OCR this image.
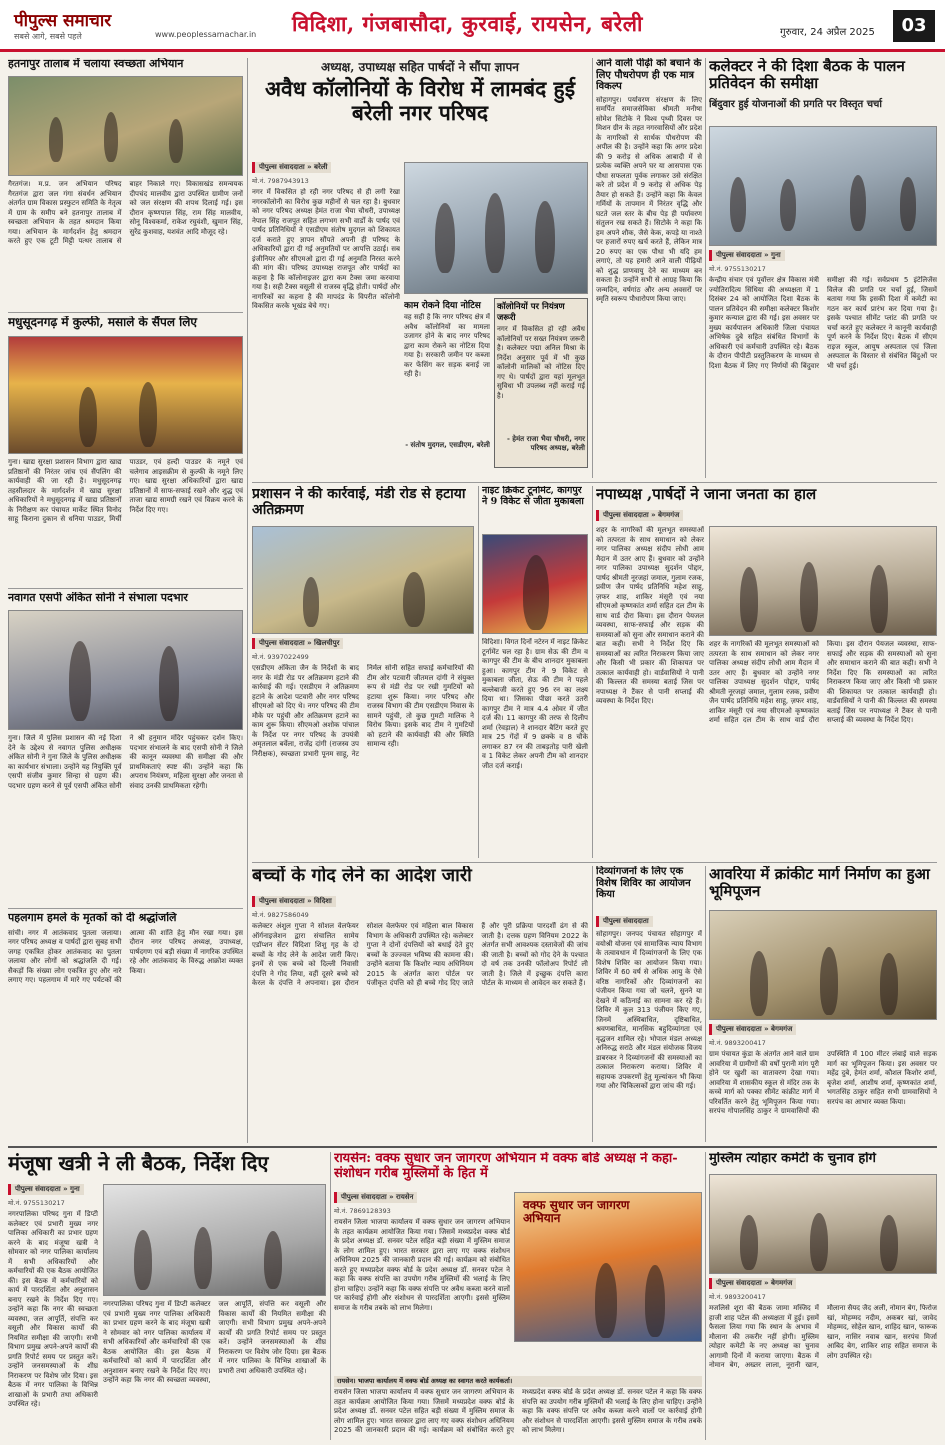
पीपुल्स समाचार
सबसे आगे, सबसे पहले	www.peoplessamachar.in विदिशा, गंजबासौदा, कुरवाई, रायसेन, बरेली	गुरुवार, 24 अप्रैल 2025	03
हतनापुर तालाब में चलाया स्वच्छता अभियान
गैरतगंज। म.प्र. जन अभियान परिषद गैरतगंज द्वारा जल गंगा संवर्धन अभियान अंतर्गत ग्राम विकास प्रस्फुटन समिति के नेतृत्व में ग्राम के समीप बने हतनापुर तालाब में स्वच्छता अभियान के तहत श्रमदान किया गया। अभियान के मार्गदर्शन हेतु श्रमदान करते हुए एक टूटी मिट्टी पत्थर तालाब से बाहर निकाले गए। विकासखंड समन्वयक दीपचंद मालवीय द्वारा उपस्थित ग्रामीण जनों को जल संरक्षण की शपथ दिलाई गई। इस दौरान कृष्णपाल सिंह, राम सिंह मालवीय, सोनू विश्वकर्मा, राकेश रघुवंशी, खुमान सिंह, सुरेंद्र कुशवाह, यशवंत आदि मौजूद रहे।
मधुसूदनगढ़ में कुल्फी, मसाले के सैंपल लिए
गुना। खाद्य सुरक्षा प्रशासन विभाग द्वारा खाद्य प्रतिष्ठानों की निरंतर जांच एवं सैंपलिंग की कार्यवाही की जा रही है। मधुसूदनगढ़ तहसीलदार के मार्गदर्शन में खाद्य सुरक्षा अधिकारियों ने मधुसूदनगढ़ में खाद्य प्रतिष्ठानों के निरीक्षण कर पंचायत मार्केट स्थित विनोद साहू किराना दुकान से धनिया पाउडर, मिर्ची पाउडर, एवं हल्दी पाउडर के नमूने एवं चलेगाव आइसक्रीम से कुल्फी के नमूने लिए गए। खाद्य सुरक्षा अधिकारियों द्वारा खाद्य प्रतिष्ठानों में साफ-सफाई रखने और शुद्ध एवं ताजा खाद्य सामग्री रखने एवं विक्रय करने के निर्देश दिए गए।
नवागत एसपी अंकित सोनी ने संभाला पदभार
गुना। जिले में पुलिस प्रशासन की नई दिशा देने के उद्देश्य से नवागत पुलिस अधीक्षक अंकित सोनी ने गुना जिले के पुलिस अधीक्षक का कार्यभार संभाला। उन्होंने यह नियुक्ति पूर्व एसपी संजीव कुमार सिन्हा से ग्रहण की। पदभार ग्रहण करने से पूर्व एसपी अंकित सोनी ने श्री हनुमान मंदिर पहुंचकर दर्शन किए। पदभार संभालने के बाद एसपी सोनी ने जिले की कानून व्यवस्था की समीक्षा की और प्राथमिकताएं स्पष्ट कीं। उन्होंने कहा कि अपराध नियंत्रण, महिला सुरक्षा और जनता से संवाद उनकी प्राथमिकता रहेगी।
पहलगाम हमले के मृतकों को दी श्रद्धांजलि
सांची। नगर में आतंकवाद पुतला जलाया। नगर परिषद अध्यक्ष व पार्षदों द्वारा सुबह सभी जगह एकत्रित होकर आतंकवाद का पुतला जलाया और लोगों को श्रद्धांजलि दी गई। सैकड़ों कि संख्या लोग एकत्रित हुए और नारे लगाए गए। पहलगाम में मारे गए पर्यटकों की आत्मा की शांति हेतु मौन रखा गया। इस दौरान नगर परिषद अध्यक्ष, उपाध्यक्ष, पार्षदगण एवं बड़ी संख्या में नागरिक उपस्थित रहे और आतंकवाद के विरुद्ध आक्रोश व्यक्त किया।
अध्यक्ष, उपाध्यक्ष सहित पार्षदों ने सौंपा ज्ञापन
अवैध कॉलोनियों के विरोध में लामबंद हुई बरेली नगर परिषद
पीपुल्स संवाददाता » बरेली
मो.नं. 7987943913
नगर में विकसित हो रही नगर परिषद से ही लगी रेखा नगरकॉलोनी का विरोध कुछ महीनों से चल रहा है। बुधवार को नगर परिषद अध्यक्ष हेमंत राजा भैया चौधरी, उपाध्यक्ष नेपाल सिंह राजपूत सहित लगभग सभी वार्डों के पार्षद एवं पार्षद प्रतिनिधियों ने एसडीएम संतोष मुदगल को शिकायत दर्ज कराते हुए ज्ञापन सौंपते अपनी ही परिषद के अधिकारियों द्वारा दी गई अनुमतियों पर आपत्ति उठाई। सब इंजीनियर और सीएमओ द्वारा दी गई अनुमति निरस्त करने की मांग की। परिषद उपाध्यक्ष राजपूत और पार्षदों का कहना है कि कॉलोनाइजर द्वारा कम टैक्स जमा करवाया गया है। सही टैक्स वसूली से राजस्व वृद्धि होती। पार्षदों और नागरिकों का कहना है की मापदंड के विपरीत कॉलोनी विकसित करके भूखंड बेचे गए।	काम रोकने दिया नोटिस
वह सही है कि नगर परिषद क्षेत्र में अवैध कॉलोनियों का मामला उजागर होने के बाद नगर परिषद द्वारा काम रोकने का नोटिस दिया गया है। सरकारी जमीन पर कब्जा कर फेंसिंग कर सड़क बनाई जा रही है।
- संतोष मुदगल, एसडीएम, बरेली
कॉलोनियों पर नियंत्रण जरूरी
नगर में विकसित हो रही अवैध कॉलोनियों पर सख्त नियंत्रण जरूरी है। कलेक्टर पद्मा अनिल मिश्रा के निर्देश अनुसार पूर्व में भी कुछ कॉलोनी मालिकों को नोटिस दिए गए थे। पार्षदों द्वारा यहां मूलभूत सुविधा भी उपलब्ध नहीं कराई गई है।
- हेमंत राजा भैया चौधरी, नगर परिषद अध्यक्ष, बरेली
आने वाली पीढ़ी को बचाने के लिए पौधरोपण ही एक मात्र विकल्प
सोहागपुर। पर्यावरण संरक्षण के लिए समर्पित समाजसेविका श्रीमती मनीषा सोमेश सिटोके ने विश्व पृथ्वी दिवस पर मिशन ग्रीन के तहत नगरवासियों और प्रदेश के नागरिकों से सार्थक पौधरोपण की अपील की है। उन्होंने कहा कि अगर प्रदेश की 9 करोड़ से अधिक आबादी में से प्रत्येक व्यक्ति अपने घर या आसपास एक पौधा सफलता पूर्वक लगाकर उसे संरक्षित करे तो प्रदेश में 9 करोड़ से अधिक पेड़ तैयार हो सकते हैं। उन्होंने कहा कि केवल गर्मियों के तापमान में निरंतर वृद्धि और घटते जल स्तर के बीच पेड़ ही पर्यावरण संतुलन रख सकते हैं। सिटोके ने कहा कि हम अपने शौक, जैसे केक, कपड़े या नाश्ते पर हजारों रुपए खर्च करते हैं, लेकिन मात्र 20 रुपए का एक पौधा भी यदि हम लगाएं, तो यह हमारी आने वाली पीढ़ियों को शुद्ध प्राणवायु देने का माध्यम बन सकता है। उन्होंने सभी से आग्रह किया कि जन्मदिन, वर्षगांठ और अन्य अवसरों पर स्मृति स्वरूप पौधारोपण किया जाए।
कलेक्टर ने की दिशा बैठक के पालन प्रतिवेदन की समीक्षा
बिंदुवार हुई योजनाओं की प्रगति पर विस्तृत चर्चा
पीपुल्स संवाददाता » गुना
मो.नं. 9755130217
केन्द्रीय संचार एवं पूर्वोत्तर क्षेत्र विकास मंत्री ज्योतिरादित्य सिंधिया की अध्यक्षता में 1 दिसंबर 24 को आयोजित दिशा बैठक के पालन प्रतिवेदन की समीक्षा कलेक्टर किशोर कुमार कन्याल द्वारा की गई। इस अवसर पर मुख्य कार्यपालन अधिकारी जिला पंचायत अभिषेक दुबे सहित संबंधित विभागों के अधिकारी एवं कर्मचारी उपस्थित रहे। बैठक के दौरान पीपीटी प्रस्तुतिकरण के माध्यम से दिशा बैठक में लिए गए निर्णयों की बिंदुवार समीक्षा की गई। सर्वप्रथम 5 इंटेलिजेंस विलेज की प्रगति पर चर्चा हुई, जिसमें बताया गया कि इसकी दिशा में कमेटी का गठन कर कार्य प्रारंभ कर दिया गया है। इसके पश्चात सीमेंट प्लांट की प्रगति पर चर्चा करते हुए कलेक्टर ने कानूनी कार्यवाही पूर्ण करने के निर्देश दिए। बैठक में सीएम राइज स्कूल, आयुष अस्पताल एवं जिला अस्पताल के विस्तार से संबंधित बिंदुओं पर भी चर्चा हुई।
प्रशासन ने की कार्रवाई, मंडी रोड से हटाया अतिक्रमण
पीपुल्स संवाददाता » खिलचीपुर
मो.नं. 9397022499
एसडीएम अंकिता जैन के निर्देशों के बाद नगर के मंडी रोड पर अतिक्रमण हटाने की कार्रवाई की गई। एसडीएम ने अतिक्रमण हटाने के आदेश पटवारी और नगर परिषद सीएमओ को दिए थे। नगर परिषद की टीम मौके पर पहुंची और अतिक्रमण हटाने का काम शुरू किया। सीएमओ अशोक पांचाल के निर्देश पर नगर परिषद के उपयंत्री अमृतलाल बर्वेला, राजेंद्र दांगी (राजस्व उप निरीक्षक), स्वच्छता प्रभारी पूनम साहू, नेट निर्मल सोनी सहित सफाई कर्मचारियों की टीम ओर पटवारी जीतमल दांगी ने संयुक्त रूप से मंडी रोड पर रखी गुमटियों को हटाया शुरू किया। नगर परिषद और राजस्व विभाग की टीम एसडीएम निवास के सामने पहुंची, तो कुछ गुमटी मालिक ने विरोध किया। इसके बाद टीम ने गुमटियों को हटाने की कार्यवाही की और स्थिति सामान्य रही।
नाइट क्रिकेट टूर्नामेंट, कागपुर ने 9 विकेट से जीता मुकाबला
विदिशा। विगत दिनों नटेरन में नाइट क्रिकेट टूर्नामेंट चल रहा है। ग्राम सेऊ की टीम व कागपुर की टीम के बीच शानदार मुकाबला हुआ। कागपुर टीम ने 9 विकेट से मुकाबला जीता, सेऊ की टीम ने पहले बल्लेबाजी करते हुए 96 रन का लक्ष्य दिया था। जिसका पीछा करते उतरी कागपुर टीम ने मात्र 4.4 ओवर में जीत दर्ज की। 11 कागपुर की तरफ से दिलीप शर्मा (रेवड़ाल) ने शानदार बैटिंग करते हुए मात्र 25 गेंदों में 9 छक्के व 8 चौके लगाकर 87 रन की ताबड़तोड़ पारी खेली व 1 विकेट लेकर अपनी टीम को शानदार जीत दर्ज कराई।
नपाध्यक्ष ,पार्षदों ने जाना जनता का हाल
पीपुल्स संवाददाता » बेगमगंज
शहर के नागरिकों की मूलभूत समस्याओं को तत्परता के साथ समाधान को लेकर नगर पालिका अध्यक्ष संदीप लोधी आम मैदान में उतर आए हैं। बुधवार को उन्होंने नगर पालिका उपाध्यक्ष सुदर्शन पोद्दार, पार्षद श्रीमती नूरजहां जमाल, गुलाम रजक, प्रवीण जैन पार्षद प्रतिनिधि महेश साहू, ज़फर शाह, शाकिर मंसूरी एवं नया सीएमओ कृष्णकांत शर्मा सहित दल टीम के साथ वार्ड दौरा किया। इस दौरान पेयजल व्यवस्था, साफ-सफाई और सड़क की समस्याओं को सुना और समाधान कराने की बात कही। सभी ने निर्देश दिए कि समस्याओं का त्वरित निराकरण किया जाए और किसी भी प्रकार की शिकायत पर तत्काल कार्यवाही हो। वार्डवासियों ने पानी की किल्लत की समस्या बताई जिस पर नपाध्यक्ष ने टैंकर से पानी सप्लाई की व्यवस्था के निर्देश दिए।
शहर के नागरिकों की मूलभूत समस्याओं को तत्परता के साथ समाधान को लेकर नगर पालिका अध्यक्ष संदीप लोधी आम मैदान में उतर आए हैं। बुधवार को उन्होंने नगर पालिका उपाध्यक्ष सुदर्शन पोद्दार, पार्षद श्रीमती नूरजहां जमाल, गुलाम रजक, प्रवीण जैन पार्षद प्रतिनिधि महेश साहू, ज़फर शाह, शाकिर मंसूरी एवं नया सीएमओ कृष्णकांत शर्मा सहित दल टीम के साथ वार्ड दौरा किया। इस दौरान पेयजल व्यवस्था, साफ-सफाई और सड़क की समस्याओं को सुना और समाधान कराने की बात कही। सभी ने निर्देश दिए कि समस्याओं का त्वरित निराकरण किया जाए और किसी भी प्रकार की शिकायत पर तत्काल कार्यवाही हो। वार्डवासियों ने पानी की किल्लत की समस्या बताई जिस पर नपाध्यक्ष ने टैंकर से पानी सप्लाई की व्यवस्था के निर्देश दिए।
बच्चों के गोद लेने का आदेश जारी
पीपुल्स संवाददाता » विदिशा
मो.नं. 9827586049
कलेक्टर अंशुल गुप्ता ने सोशल वेलफेयर ऑर्गनाइजेशन द्वारा संचालित सामेय एडॉप्शन सेंटर विदिशा शिशु गृह के दो बच्चों के गोद लेने के आदेश जारी किए। इनमें से एक बच्चे को दिल्ली निवासी दंपत्ति ने गोद लिया, वहीं दूसरे बच्चे को केरल के दंपत्ति ने अपनाया। इस दौरान सोशल वेलफेयर एवं महिला बाल विकास विभाग के अधिकारी उपस्थित रहे। कलेक्टर गुप्ता ने दोनों दंपत्तियों को बधाई देते हुए बच्चों के उज्ज्वल भविष्य की कामना की। उन्होंने बताया कि किशोर न्याय अधिनियम 2015 के अंतर्गत कारा पोर्टल पर पंजीकृत दंपत्ति को ही बच्चे गोद दिए जाते हैं और पूरी प्रक्रिया पारदर्शी ढंग से की जाती है। दत्तक ग्रहण विनियम 2022 के अंतर्गत सभी आवश्यक दस्तावेजों की जांच की जाती है। बच्चों को गोद देने के पश्चात दो वर्ष तक उनकी फॉलोअप रिपोर्ट ली जाती है। जिले में इच्छुक दंपत्ति कारा पोर्टल के माध्यम से आवेदन कर सकते हैं।
दिव्यांगजनों के लिए एक विशेष शिविर का आयोजन किया
पीपुल्स संवाददाता
सोहागपुर। जनपद पंचायत सोहागपुर में वयोश्री योजना एवं सामाजिक न्याय विभाग के तत्वावधान में दिव्यांगजनों के लिए एक विशेष शिविर का आयोजन किया गया। शिविर में 60 वर्ष से अधिक आयु के ऐसे वरिष्ठ नागरिकों और दिव्यांगजनों का पंजीयन किया गया जो चलने, सुनने या देखने में कठिनाई का सामना कर रहे हैं। शिविर में कुल 313 पंजीयन किए गए, जिनमें अस्थिबाधित, दृष्टिबाधित, श्रवणबाधित, मानसिक बहुदिव्यांगता एवं वृद्धजन शामिल रहे। भोपाल मंडल अध्यक्ष अनिरुद्ध सराठे और मंडल संयोजक विजय डाबरकर ने दिव्यांगजनों की समस्याओं का तत्काल निराकरण कराया। शिविर में सहायक उपकरणों हेतु मूल्यांकन भी किया गया और चिकित्सकों द्वारा जांच की गई।
आवरिया में क्रांकीट मार्ग निर्माण का हुआ भूमिपूजन
पीपुल्स संवाददाता » बेगमगंज
मो.नं. 9893200417
ग्राम पंचायत कुंडा के अंतर्गत आने वाले ग्राम आवरिया में ग्रामीणों की वर्षों पुरानी मांग पूरी होने पर खुशी का वातावरण देखा गया। आवरिया में शासकीय स्कूल से मंदिर तक के कच्चे मार्ग को पक्का सीमेंट कांक्रीट मार्ग में परिवर्तित करने हेतु भूमिपूजन किया गया। सरपंच गोपालसिंह ठाकुर ने ग्रामवासियों की उपस्थिति में 100 मीटर लंबाई वाले सड़क मार्ग का भूमिपूजन किया। इस अवसर पर महेंद्र दुबे, हेमंत शर्मा, कौशल किशोर शर्मा, बृजेश शर्मा, आशीष शर्मा, कृष्णकांत शर्मा, भगतसिंह ठाकुर सहित सभी ग्रामवासियों ने सरपंच का आभार व्यक्त किया।
मंजूषा खत्री ने ली बैठक, निर्देश दिए
पीपुल्स संवाददाता » गुना
मो.नं. 9755130217
नगरपालिका परिषद गुना में डिप्टी कलेक्टर एवं प्रभारी मुख्य नगर पालिका अधिकारी का प्रभार ग्रहण करने के बाद मंजूषा खत्री ने सोमवार को नगर पालिका कार्यालय में सभी अधिकारियों और कर्मचारियों की एक बैठक आयोजित की। इस बैठक में कर्मचारियों को कार्य में पारदर्शिता और अनुशासन बनाए रखने के निर्देश दिए गए। उन्होंने कहा कि नगर की स्वच्छता व्यवस्था, जल आपूर्ति, संपत्ति कर वसूली और विकास कार्यों की नियमित समीक्षा की जाएगी। सभी विभाग प्रमुख अपने-अपने कार्यों की प्रगति रिपोर्ट समय पर प्रस्तुत करें। उन्होंने जनसमस्याओं के शीघ्र निराकरण पर विशेष जोर दिया। इस बैठक में नगर पालिका के विभिन्न शाखाओं के प्रभारी तथा अधिकारी उपस्थित रहे।
नगरपालिका परिषद गुना में डिप्टी कलेक्टर एवं प्रभारी मुख्य नगर पालिका अधिकारी का प्रभार ग्रहण करने के बाद मंजूषा खत्री ने सोमवार को नगर पालिका कार्यालय में सभी अधिकारियों और कर्मचारियों की एक बैठक आयोजित की। इस बैठक में कर्मचारियों को कार्य में पारदर्शिता और अनुशासन बनाए रखने के निर्देश दिए गए। उन्होंने कहा कि नगर की स्वच्छता व्यवस्था, जल आपूर्ति, संपत्ति कर वसूली और विकास कार्यों की नियमित समीक्षा की जाएगी। सभी विभाग प्रमुख अपने-अपने कार्यों की प्रगति रिपोर्ट समय पर प्रस्तुत करें। उन्होंने जनसमस्याओं के शीघ्र निराकरण पर विशेष जोर दिया। इस बैठक में नगर पालिका के विभिन्न शाखाओं के प्रभारी तथा अधिकारी उपस्थित रहे।
रायसेन: वक्फ सुधार जन जागरण अभियान में वक्फ बोर्ड अध्यक्ष ने कहा-संशोधन गरीब मुस्लिमों के हित में
पीपुल्स संवाददाता » रायसेन
मो.नं. 7869128393
रायसेन जिला भाजपा कार्यालय में वक्फ सुधार जन जागरण अभियान के तहत कार्यक्रम आयोजित किया गया। जिसमें मध्यप्रदेश वक्फ बोर्ड के प्रदेश अध्यक्ष डॉ. सनवर पटेल सहित बड़ी संख्या में मुस्लिम समाज के लोग शामिल हुए। भारत सरकार द्वारा लाए गए वक्फ संशोधन अधिनियम 2025 की जानकारी प्रदान की गई। कार्यक्रम को संबोधित करते हुए मध्यप्रदेश वक्फ बोर्ड के प्रदेश अध्यक्ष डॉ. सनवर पटेल ने कहा कि वक्फ संपत्ति का उपयोग गरीब मुस्लिमों की भलाई के लिए होना चाहिए। उन्होंने कहा कि वक्फ संपत्ति पर अवैध कब्जा करने वालों पर कार्रवाई होगी और संशोधन से पारदर्शिता आएगी। इससे मुस्लिम समाज के गरीब तबके को लाभ मिलेगा।
वक्फ सुधार जन जागरण अभियान
रायसेन। भाजपा कार्यालय में वक्फ बोर्ड अध्यक्ष का स्वागत करते कार्यकर्ता।
रायसेन जिला भाजपा कार्यालय में वक्फ सुधार जन जागरण अभियान के तहत कार्यक्रम आयोजित किया गया। जिसमें मध्यप्रदेश वक्फ बोर्ड के प्रदेश अध्यक्ष डॉ. सनवर पटेल सहित बड़ी संख्या में मुस्लिम समाज के लोग शामिल हुए। भारत सरकार द्वारा लाए गए वक्फ संशोधन अधिनियम 2025 की जानकारी प्रदान की गई। कार्यक्रम को संबोधित करते हुए मध्यप्रदेश वक्फ बोर्ड के प्रदेश अध्यक्ष डॉ. सनवर पटेल ने कहा कि वक्फ संपत्ति का उपयोग गरीब मुस्लिमों की भलाई के लिए होना चाहिए। उन्होंने कहा कि वक्फ संपत्ति पर अवैध कब्जा करने वालों पर कार्रवाई होगी और संशोधन से पारदर्शिता आएगी। इससे मुस्लिम समाज के गरीब तबके को लाभ मिलेगा।
मुस्लिम त्योहार कमेटी के चुनाव होंगे
पीपुल्स संवाददाता » बेगमगंज
मो.नं. 9893200417
मजलिसे शूरा की बैठक जामा मस्जिद में हाजी शाह पटेल की अध्यक्षता में हुई। इसमें फैसला लिया गया कि स्थान के अभाव में मौलाना की तकरीर नहीं होगी। मुस्लिम त्योहार कमेटी के नए अध्यक्ष का चुनाव आगामी दिनों में कराया जाएगा। बैठक में नोमान बेग, अख्तर लाला, नूरानी खान, मौलाना सैयद जैद अली, नोमान बेग, फिरोज खां, मोहम्मद नदीम, अकबर खां, जावेद मोहम्मद, सोहेल खान, शाहिद खान, फारूक खान, नासिर नवाब खान, सरपंच मिर्जा आबिद बेग, शाकिर शाह सहित समाज के लोग उपस्थित रहे।
